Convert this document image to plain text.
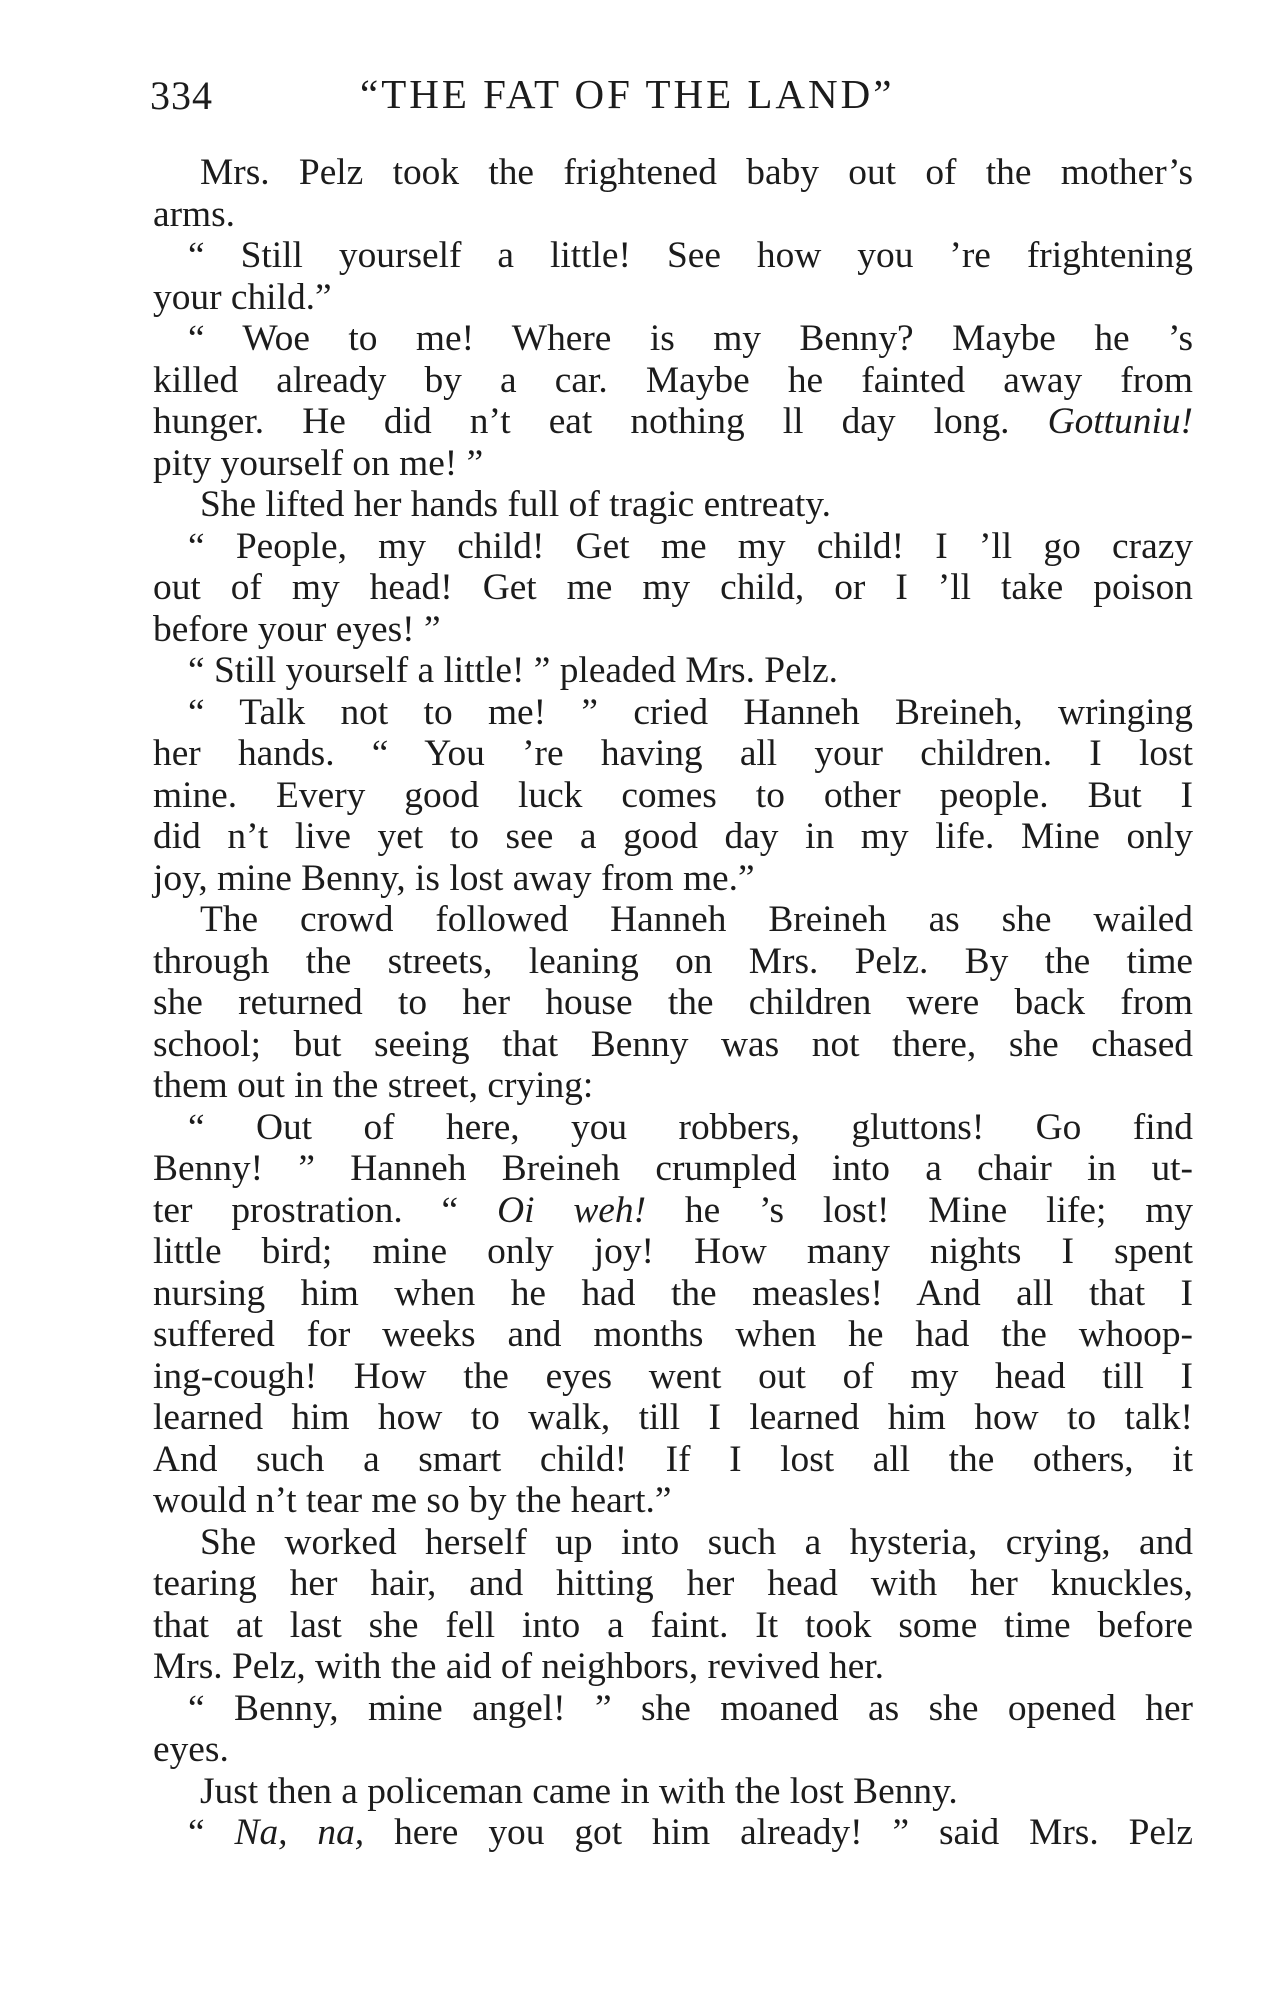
334	“THE FAT OF THE LAND”
Mrs. Pelz took the frightened baby out of the mother’s
arms.
“ Still yourself a little! See how you ’re frightening
your child.”
“ Woe to me! Where is my Benny? Maybe he ’s
killed already by a car. Maybe he fainted away from
hunger. He did n’t eat nothing ll day long. Gottuniu!
pity yourself on me! ”
She lifted her hands full of tragic entreaty.
“ People, my child! Get me my child! I ’ll go crazy
out of my head! Get me my child, or I ’ll take poison
before your eyes! ”
“ Still yourself a little! ” pleaded Mrs. Pelz.
“ Talk not to me! ” cried Hanneh Breineh, wringing
her hands. “ You ’re having all your children. I lost
mine. Every good luck comes to other people. But I
did n’t live yet to see a good day in my life. Mine only
joy, mine Benny, is lost away from me.”
The crowd followed Hanneh Breineh as she wailed
through the streets, leaning on Mrs. Pelz. By the time
she returned to her house the children were back from
school; but seeing that Benny was not there, she chased
them out in the street, crying:
“ Out of here, you robbers, gluttons! Go find
Benny! ” Hanneh Breineh crumpled into a chair in ut-
ter prostration. “ Oi weh! he ’s lost! Mine life; my
little bird; mine only joy! How many nights I spent
nursing him when he had the measles! And all that I
suffered for weeks and months when he had the whoop-
ing-cough! How the eyes went out of my head till I
learned him how to walk, till I learned him how to talk!
And such a smart child! If I lost all the others, it
would n’t tear me so by the heart.”
She worked herself up into such a hysteria, crying, and
tearing her hair, and hitting her head with her knuckles,
that at last she fell into a faint. It took some time before
Mrs. Pelz, with the aid of neighbors, revived her.
“ Benny, mine angel! ” she moaned as she opened her
eyes.
Just then a policeman came in with the lost Benny.
“ Na, na, here you got him already! ” said Mrs. Pelz
